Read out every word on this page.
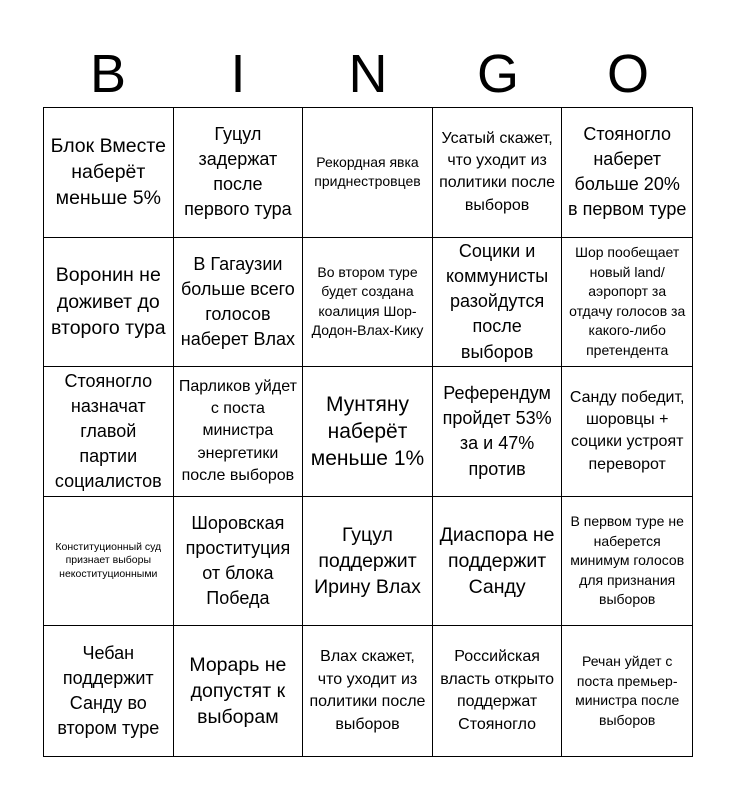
B	I	N	G	O
Блок Вместе наберёт меньше 5%
Гуцул задержат после первого тура
Рекордная явка приднестровцев
Усатый скажет, что уходит из политики после выборов
Стояногло наберет больше 20% в первом туре
Воронин не доживет до второго тура
В Гагаузии больше всего голосов наберет Влах
Во втором туре будет создана коалиция Шор-Додон-Влах-Кику
Социки и коммунисты разойдутся после выборов
Шор пообещает новый land/аэропорт за отдачу голосов за какого-либо претендента
Стояногло назначат главой партии социалистов
Парликов уйдет с поста министра энергетики после выборов
Мунтяну наберёт меньше 1%
Референдум пройдет 53% за и 47% против
Санду победит, шоровцы + социки устроят переворот
Конституционный суд признает выборы некоституционными
Шоровская проституция от блока Победа
Гуцул поддержит Ирину Влах
Диаспора не поддержит Санду
В первом туре не наберется минимум голосов для признания выборов
Чебан поддержит Санду во втором туре
Морарь не допустят к выборам
Влах скажет, что уходит из политики после выборов
Российская власть открыто поддержат Стояногло
Речан уйдет с поста премьер-министра после выборов
